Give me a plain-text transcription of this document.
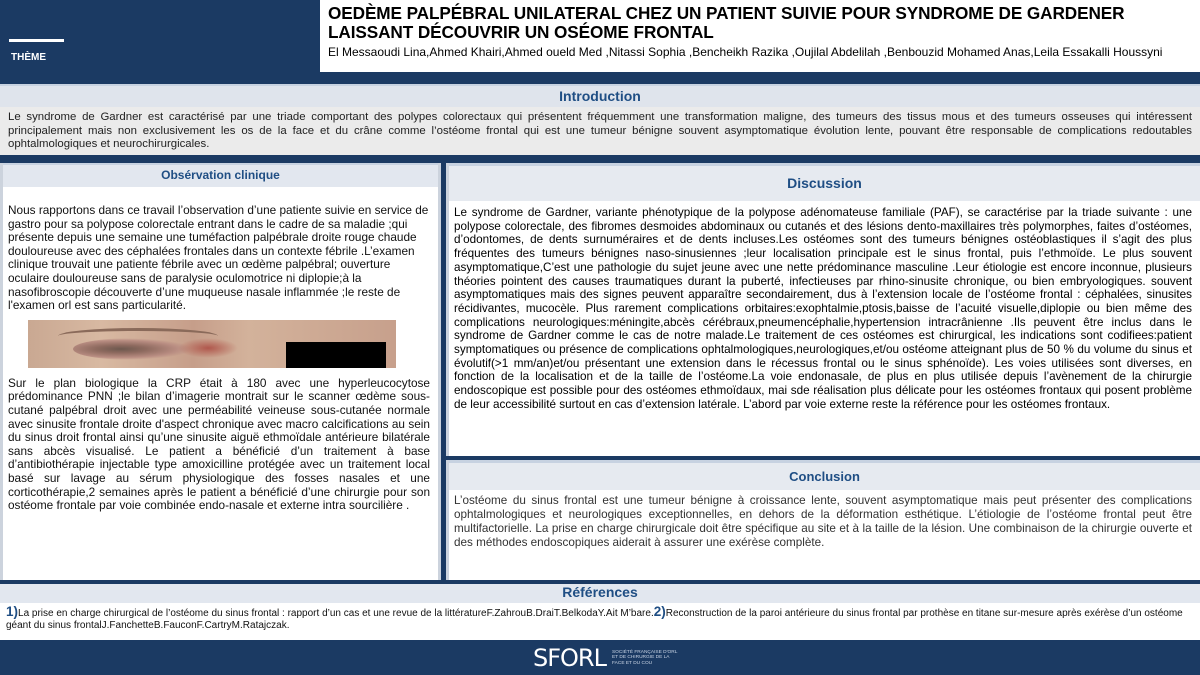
THÈME
OEDÈME PALPÉBRAL UNILATERAL CHEZ UN PATIENT SUIVIE POUR SYNDROME DE GARDENER LAISSANT DÉCOUVRIR UN OSÉOME FRONTAL
El Messaoudi Lina,Ahmed Khairi,Ahmed oueld Med ,Nitassi Sophia ,Bencheikh Razika ,Oujilal Abdelilah ,Benbouzid Mohamed Anas,Leila Essakalli Houssyni
Introduction
Le syndrome de Gardner est caractérisé par une triade comportant des polypes colorectaux qui présentent fréquemment une transformation maligne, des tumeurs des tissus mous et des tumeurs osseuses qui intéressent principalement mais non exclusivement les os de la face et du crâne comme l’ostéome frontal qui est une tumeur bénigne souvent asymptomatique évolution lente, pouvant être responsable de complications redoutables ophtalmologiques et neurochirurgicales.
Obsérvation clinique
Nous rapportons dans ce travail l’observation d’une patiente suivie en service de gastro pour sa polypose colorectale entrant dans le cadre de sa maladie ;qui présente depuis une semaine une tuméfaction palpébrale droite rouge chaude douloureuse avec des céphalées frontales dans un contexte fébrile .L’examen clinique trouvait une patiente fébrile avec un œdème palpébral; ouverture oculaire douloureuse sans de paralysie oculomotrice ni diplopie;à la nasofibroscopie découverte d’une muqueuse nasale inflammée ;le reste de l'examen orl est sans particularité.
Sur le plan biologique la CRP était à 180 avec une hyperleucocytose prédominance PNN ;le bilan d’imagerie montrait sur le scanner œdème sous-cutané palpébral droit avec une perméabilité veineuse sous-cutanée normale avec sinusite frontale droite d'aspect chronique avec macro calcifications au sein du sinus droit frontal ainsi qu’une sinusite aiguë ethmoïdale antérieure bilatérale sans abcès visualisé. Le patient a bénéficié d’un traitement à base d’antibiothérapie injectable type amoxicilline protégée avec un traitement local basé sur lavage au sérum physiologique des fosses nasales et une corticothérapie,2 semaines après le patient a bénéficié d’une chirurgie pour son ostéome frontale par voie combinée endo-nasale et externe intra sourcilière .
Discussion
Le syndrome de Gardner, variante phénotypique de la polypose adénomateuse familiale (PAF), se caractérise par la triade suivante : une polypose colorectale, des fibromes desmoides abdominaux ou cutanés et des lésions dento-maxillaires très polymorphes, faites d’ostéomes, d’odontomes, de dents surnuméraires et de dents incluses.Les ostéomes sont des tumeurs bénignes ostéoblastiques il s’agit des plus fréquentes des tumeurs bénignes naso-sinusiennes ;leur localisation principale est le sinus frontal, puis l’ethmoïde. Le plus souvent asymptomatique,C’est une pathologie du sujet jeune avec une nette prédominance masculine .Leur étiologie est encore inconnue, plusieurs théories pointent des causes traumatiques durant la puberté, infectieuses par rhino-sinusite chronique, ou bien embryologiques. souvent asymptomatiques mais des signes peuvent apparaître secondairement, dus à l’extension locale de l’ostéome frontal : céphalées, sinusites récidivantes, mucocèle. Plus rarement complications orbitaires:exophtalmie,ptosis,baisse de l’acuité visuelle,diplopie ou bien même des complications neurologiques:méningite,abcès cérébraux,pneumencéphalie,hypertension intracrânienne .Ils peuvent être inclus dans le syndrome de Gardner comme le cas de notre malade.Le traitement de ces ostéomes est chirurgical, les indications sont codifiees:patient symptomatiques ou présence de complications ophtalmologiques,neurologiques,et/ou ostéome atteignant plus de 50 % du volume du sinus et évolutif(>1 mm/an)et/ou présentant une extension dans le récessus frontal ou le sinus sphénoïde). Les voies utilisées sont diverses, en fonction de la localisation et de la taille de l’ostéome.La voie endonasale, de plus en plus utilisée depuis l’avènement de la chirurgie endoscopique est possible pour des ostéomes ethmoïdaux, mai sde réalisation plus délicate pour les ostéomes frontaux qui posent problème de leur accessibilité surtout en cas d’extension latérale. L’abord par voie externe reste la référence pour les ostéomes frontaux.
Conclusion
L’ostéome du sinus frontal est une tumeur bénigne à croissance lente, souvent asymptomatique mais peut présenter des complications ophtalmologiques et neurologiques exceptionnelles, en dehors de la déformation esthétique. L’étiologie de l’ostéome frontal peut être multifactorielle. La prise en charge chirurgicale doit être spécifique au site et à la taille de la lésion. Une combinaison de la chirurgie ouverte et des méthodes endoscopiques aiderait à assurer une exérèse complète.
Références
1)La prise en charge chirurgical de l’ostéome du sinus frontal : rapport d’un cas et une revue de la littératureF.ZahrouB.DraiT.BelkodaY.Ait M’bare.2)Reconstruction de la paroi antérieure du sinus frontal par prothèse en titane sur-mesure après exérèse d’un ostéome géant du sinus frontalJ.FanchetteB.FauconF.CartryM.Ratajczak.
SFORL SOCIÉTÉ FRANÇAISE D'ORL ET DE CHIRURGIE DE LA FACE ET DU COU
